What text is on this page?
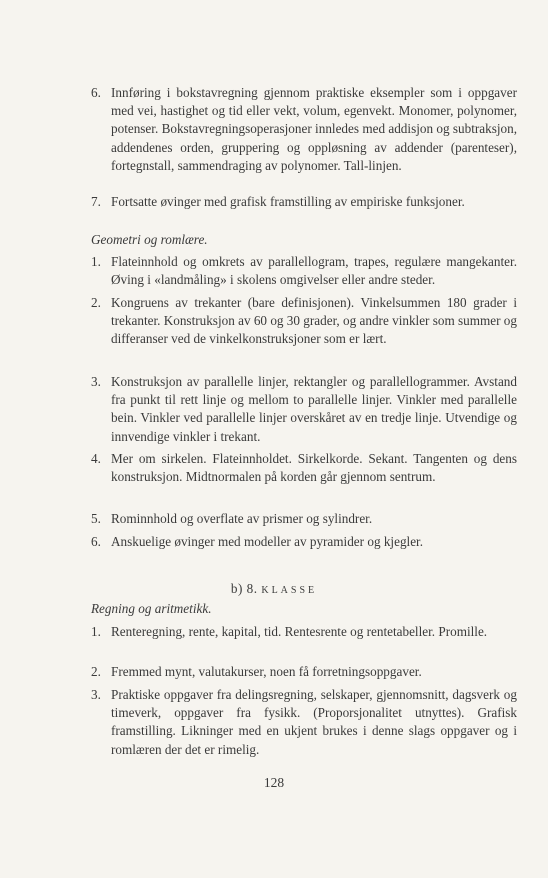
6. Innføring i bokstavregning gjennom praktiske eksempler som i oppgaver med vei, hastighet og tid eller vekt, volum, egenvekt. Monomer, polynomer, potenser. Bokstavregningsoperasjoner innledes med addisjon og subtraksjon, addendenes orden, gruppering og oppløsning av addender (parenteser), fortegnstall, sammendraging av polynomer. Tall-linjen.
7. Fortsatte øvinger med grafisk framstilling av empiriske funksjoner.
Geometri og romlære.
1. Flateinnhold og omkrets av parallellogram, trapes, regulære mangekanter. Øving i «landmåling» i skolens omgivelser eller andre steder.
2. Kongruens av trekanter (bare definisjonen). Vinkelsummen 180 grader i trekanter. Konstruksjon av 60 og 30 grader, og andre vinkler som summer og differanser ved de vinkelkonstruksjoner som er lært.
3. Konstruksjon av parallelle linjer, rektangler og parallellogrammer. Avstand fra punkt til rett linje og mellom to parallelle linjer. Vinkler med parallelle bein. Vinkler ved parallelle linjer overskåret av en tredje linje. Utvendige og innvendige vinkler i trekant.
4. Mer om sirkelen. Flateinnholdet. Sirkelkorde. Sekant. Tangenten og dens konstruksjon. Midtnormalen på korden går gjennom sentrum.
5. Rominnhold og overflate av prismer og sylindrer.
6. Anskuelige øvinger med modeller av pyramider og kjegler.
b) 8. KLASSE
Regning og aritmetikk.
1. Renteregning, rente, kapital, tid. Rentesrente og rentetabeller. Promille.
2. Fremmed mynt, valutakurser, noen få forretningsoppgaver.
3. Praktiske oppgaver fra delingsregning, selskaper, gjennomsnitt, dagsverk og timeverk, oppgaver fra fysikk. (Proporsjonalitet utnyttes). Grafisk framstilling. Likninger med en ukjent brukes i denne slags oppgaver og i romlæren der det er rimelig.
128
